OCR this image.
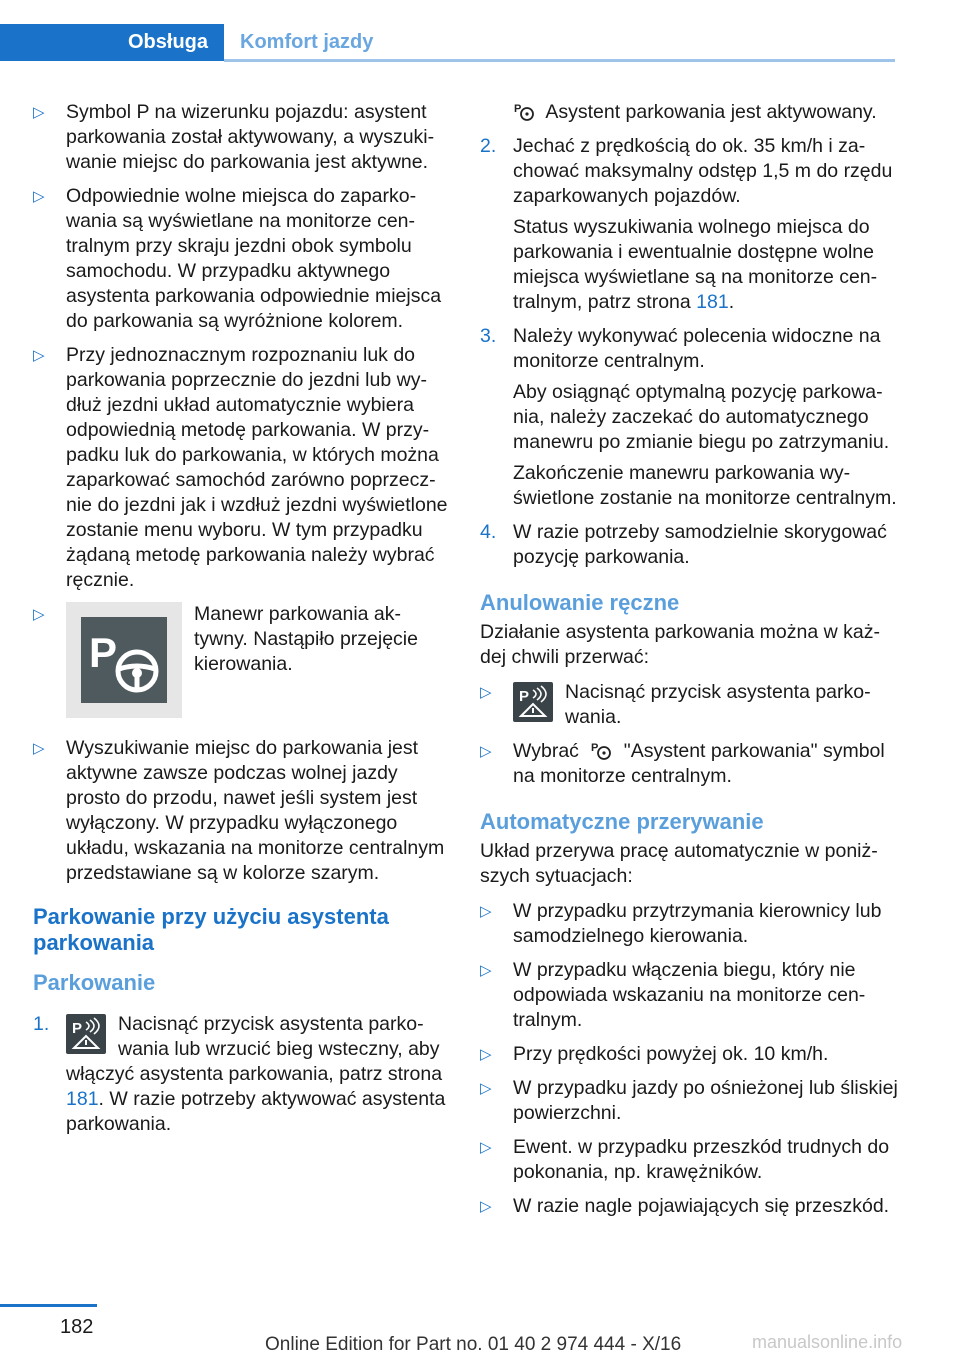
Obsługa	Komfort jazdy
▷ Symbol P na wizerunku pojazdu: asystent parkowania został aktywowany, a wyszukiwanie miejsc do parkowania jest aktywne.
▷ Odpowiednie wolne miejsca do zaparkowania są wyświetlane na monitorze centralnym przy skraju jezdni obok symbolu samochodu. W przypadku aktywnego asystenta parkowania odpowiednie miejsca do parkowania są wyróżnione kolorem.
▷ Przy jednoznacznym rozpoznaniu luk do parkowania poprzecznie do jezdni lub wydłuż jezdni układ automatycznie wybiera odpowiednią metodę parkowania. W przypadku luk do parkowania, w których można zaparkować samochód zarówno poprzecznie do jezdni jak i wzdłuż jezdni wyświetlone zostanie menu wyboru. W tym przypadku żądaną metodę parkowania należy wybrać ręcznie.
▷
P
Manewr parkowania aktywny. Nastąpiło przejęcie kierowania.
▷ Wyszukiwanie miejsc do parkowania jest aktywne zawsze podczas wolnej jazdy prosto do przodu, nawet jeśli system jest wyłączony. W przypadku wyłączonego układu, wskazania na monitorze centralnym przedstawiane są w kolorze szarym.
Parkowanie przy użyciu asystenta parkowania
Parkowanie
1. P Nacisnąć przycisk asystenta parkowania lub wrzucić bieg wsteczny, aby włączyć asystenta parkowania, patrz strona 181. W razie potrzeby aktywować asystenta parkowania.
P Asystent parkowania jest aktywowany.
2. Jechać z prędkością do ok. 35 km/h i zachować maksymalny odstęp 1,5 m do rzędu zaparkowanych pojazdów.
Status wyszukiwania wolnego miejsca do parkowania i ewentualnie dostępne wolne miejsca wyświetlane są na monitorze centralnym, patrz strona 181.
3. Należy wykonywać polecenia widoczne na monitorze centralnym.
Aby osiągnąć optymalną pozycję parkowania, należy zaczekać do automatycznego manewru po zmianie biegu po zatrzymaniu.
Zakończenie manewru parkowania wyświetlone zostanie na monitorze centralnym.
4. W razie potrzeby samodzielnie skorygować pozycję parkowania.
Anulowanie ręczne
Działanie asystenta parkowania można w każdej chwili przerwać:
▷ P Nacisnąć przycisk asystenta parkowania.
▷ Wybrać P "Asystent parkowania" symbol na monitorze centralnym.
Automatyczne przerywanie
Układ przerywa pracę automatycznie w poniższych sytuacjach:
▷ W przypadku przytrzymania kierownicy lub samodzielnego kierowania.
▷ W przypadku włączenia biegu, który nie odpowiada wskazaniu na monitorze centralnym.
▷ Przy prędkości powyżej ok. 10 km/h.
▷ W przypadku jazdy po ośnieżonej lub śliskiej powierzchni.
▷ Ewent. w przypadku przeszkód trudnych do pokonania, np. krawężników.
▷ W razie nagle pojawiających się przeszkód.
182
Online Edition for Part no. 01 40 2 974 444 - X/16	manualsonline.info
